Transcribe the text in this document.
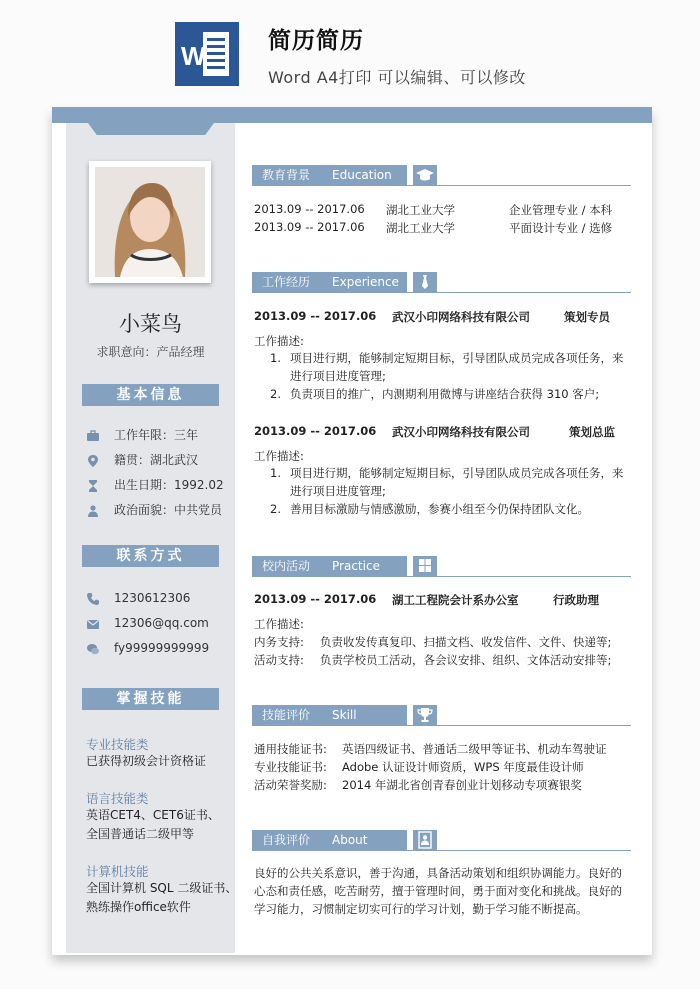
W	简历简历
Word A4打印 可以编辑、可以修改
小菜鸟
求职意向：产品经理
基本信息
工作年限：三年
籍贯：湖北武汉
出生日期：1992.02
政治面貌：中共党员
联系方式
1230612306
12306@qq.com
fy99999999999
掌握技能
专业技能类
已获得初级会计资格证
语言技能类
英语CET4、CET6证书、
全国普通话二级甲等
计算机技能
全国计算机 SQL 二级证书、
熟练操作office软件
教育背景 Education
2013.09 -- 2017.06 湖北工业大学	企业管理专业 / 本科
2013.09 -- 2017.06 湖北工业大学	平面设计专业 / 选修
工作经历 Experience
2013.09 -- 2017.06 武汉小印网络科技有限公司	策划专员
工作描述:
1. 项目进行期，能够制定短期目标，引导团队成员完成各项任务，来
进行项目进度管理;
2. 负责项目的推广，内测期利用微博与讲座结合获得 310 客户;
2013.09 -- 2017.06 武汉小印网络科技有限公司	策划总监
工作描述:
1. 项目进行期，能够制定短期目标，引导团队成员完成各项任务，来
进行项目进度管理;
2. 善用目标激励与情感激励，参赛小组至今仍保持团队文化。
校内活动 Practice
2013.09 -- 2017.06 湖工工程院会计系办公室	行政助理
工作描述:
内务支持: 负责收发传真复印、扫描文档、收发信件、文件、快递等;
活动支持: 负责学校员工活动，各会议安排、组织、文体活动安排等;
技能评价 Skill
通用技能证书: 英语四级证书、普通话二级甲等证书、机动车驾驶证
专业技能证书: Adobe 认证设计师资质，WPS 年度最佳设计师
活动荣誉奖励: 2014 年湖北省创青春创业计划移动专项赛银奖
自我评价 About
良好的公共关系意识，善于沟通，具备活动策划和组织协调能力。良好的
心态和责任感，吃苦耐劳，擅于管理时间，勇于面对变化和挑战。良好的
学习能力，习惯制定切实可行的学习计划，勤于学习能不断提高。
